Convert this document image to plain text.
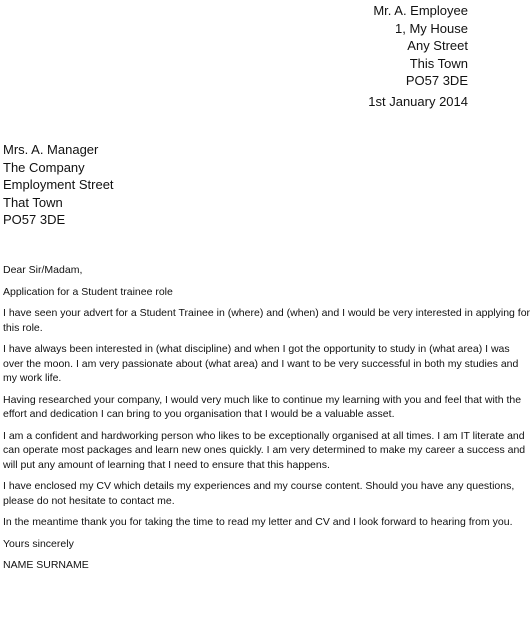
Mr. A. Employee
1, My House
Any Street
This Town
PO57 3DE
1st January 2014
Mrs. A. Manager
The Company
Employment Street
That Town
PO57 3DE

Dear Sir/Madam,

Application for a Student trainee role

I have seen your advert for a Student Trainee in (where) and (when) and I would be very interested in applying for
this role.

I have always been interested in (what discipline) and when I got the opportunity to study in (what area) I was
over the moon. I am very passionate about (what area) and I want to be very successful in both my studies and
my work life.

Having researched your company, I would very much like to continue my learning with you and feel that with the
effort and dedication I can bring to you organisation that I would be a valuable asset.

I am a confident and hardworking person who likes to be exceptionally organised at all times. I am IT literate and
can operate most packages and learn new ones quickly. I am very determined to make my career a success and
will put any amount of learning that I need to ensure that this happens.

I have enclosed my CV which details my experiences and my course content. Should you have any questions,
please do not hesitate to contact me.

In the meantime thank you for taking the time to read my letter and CV and I look forward to hearing from you.

Yours sincerely

NAME SURNAME
